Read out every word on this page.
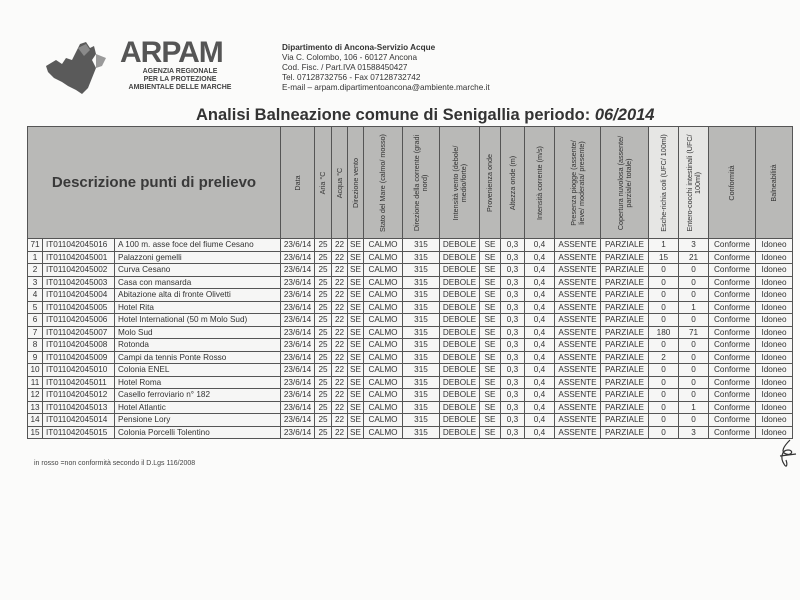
ARPAM
AGENZIA REGIONALE
PER LA PROTEZIONE
AMBIENTALE DELLE MARCHE
Dipartimento di Ancona-Servizio Acque
Via C. Colombo, 106 - 60127 Ancona
Cod. Fisc. / Part.IVA 01588450427
Tel. 07128732756 - Fax 07128732742
E-mail – arpam.dipartimentoancona@ambiente.marche.it
Analisi Balneazione comune di Senigallia periodo: 06/2014
Descrizione punti di prelievo			Data	Aria °C	Acqua °C	Direzione vento	Stato del Mare (calmo/ mosso)	Direzione della corrente (gradi nord)	Intensità vento (debole/ medio/forte)	Provenienza onde	Altezza onde (m)	Intensità corrente (m/s)	Presenza piogge (assente/ lieve/ moderata/ presente)	Copertura nuvolosa (assente/ parziale/ totale)	Esche-richia coli (UFC/ 100ml)	Entero-cocchi intestinali (UFC/ 100ml)	Conformità	Balneabilità

71	IT011042045016	A 100 m. asse foce del fiume Cesano	23/6/14	25	22	SE	CALMO	315	DEBOLE	SE	0,3	0,4	ASSENTE	PARZIALE	1	3	Conforme	Idoneo
1	IT011042045001	Palazzoni gemelli	23/6/14	25	22	SE	CALMO	315	DEBOLE	SE	0,3	0,4	ASSENTE	PARZIALE	15	21	Conforme	Idoneo
2	IT011042045002	Curva Cesano	23/6/14	25	22	SE	CALMO	315	DEBOLE	SE	0,3	0,4	ASSENTE	PARZIALE	0	0	Conforme	Idoneo
3	IT011042045003	Casa con mansarda	23/6/14	25	22	SE	CALMO	315	DEBOLE	SE	0,3	0,4	ASSENTE	PARZIALE	0	0	Conforme	Idoneo
4	IT011042045004	Abitazione alta di fronte Olivetti	23/6/14	25	22	SE	CALMO	315	DEBOLE	SE	0,3	0,4	ASSENTE	PARZIALE	0	0	Conforme	Idoneo
5	IT011042045005	Hotel Rita	23/6/14	25	22	SE	CALMO	315	DEBOLE	SE	0,3	0,4	ASSENTE	PARZIALE	0	1	Conforme	Idoneo
6	IT011042045006	Hotel International (50 m Molo Sud)	23/6/14	25	22	SE	CALMO	315	DEBOLE	SE	0,3	0,4	ASSENTE	PARZIALE	0	0	Conforme	Idoneo
7	IT011042045007	Molo Sud	23/6/14	25	22	SE	CALMO	315	DEBOLE	SE	0,3	0,4	ASSENTE	PARZIALE	180	71	Conforme	Idoneo
8	IT011042045008	Rotonda	23/6/14	25	22	SE	CALMO	315	DEBOLE	SE	0,3	0,4	ASSENTE	PARZIALE	0	0	Conforme	Idoneo
9	IT011042045009	Campi da tennis Ponte Rosso	23/6/14	25	22	SE	CALMO	315	DEBOLE	SE	0,3	0,4	ASSENTE	PARZIALE	2	0	Conforme	Idoneo
10	IT011042045010	Colonia ENEL	23/6/14	25	22	SE	CALMO	315	DEBOLE	SE	0,3	0,4	ASSENTE	PARZIALE	0	0	Conforme	Idoneo
11	IT011042045011	Hotel Roma	23/6/14	25	22	SE	CALMO	315	DEBOLE	SE	0,3	0,4	ASSENTE	PARZIALE	0	0	Conforme	Idoneo
12	IT011042045012	Casello ferroviario n° 182	23/6/14	25	22	SE	CALMO	315	DEBOLE	SE	0,3	0,4	ASSENTE	PARZIALE	0	0	Conforme	Idoneo
13	IT011042045013	Hotel Atlantic	23/6/14	25	22	SE	CALMO	315	DEBOLE	SE	0,3	0,4	ASSENTE	PARZIALE	0	1	Conforme	Idoneo
14	IT011042045014	Pensione Lory	23/6/14	25	22	SE	CALMO	315	DEBOLE	SE	0,3	0,4	ASSENTE	PARZIALE	0	0	Conforme	Idoneo
15	IT011042045015	Colonia Porcelli Tolentino	23/6/14	25	22	SE	CALMO	315	DEBOLE	SE	0,3	0,4	ASSENTE	PARZIALE	0	3	Conforme	Idoneo
in rosso =non conformità secondo il D.Lgs 116/2008
